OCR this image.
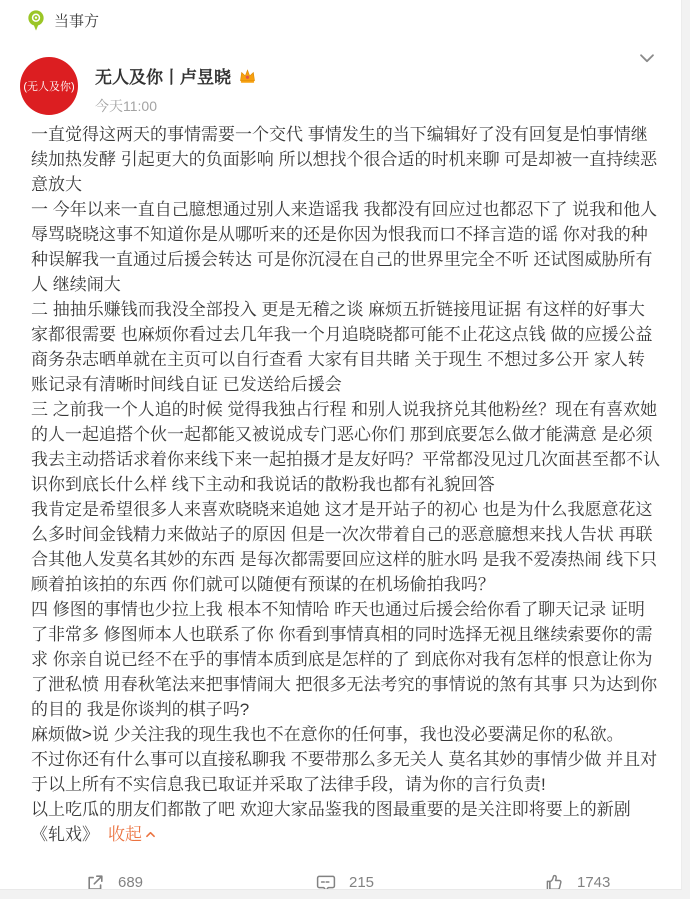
当事方
(无人及你) 无人及你丨卢昱晓
今天11:00

一直觉得这两天的事情需要一个交代 事情发生的当下编辑好了没有回复是怕事情继续加热发酵 引起更大的负面影响 所以想找个很合适的时机来聊 可是却被一直持续恶意放大

一 今年以来一直自己臆想通过别人来造谣我 我都没有回应过也都忍下了 说我和他人辱骂晓晓这事不知道你是从哪听来的还是你因为恨我而口不择言造的谣 你对我的种种误解我一直通过后援会转达 可是你沉浸在自己的世界里完全不听 还试图威胁所有人 继续闹大

二 抽抽乐赚钱而我没全部投入 更是无稽之谈 麻烦五折链接甩证据 有这样的好事大家都很需要 也麻烦你看过去几年我一个月追晓晓都可能不止花这点钱 做的应援公益商务杂志晒单就在主页可以自行查看 大家有目共睹 关于现生 不想过多公开 家人转账记录有清晰时间线自证 已发送给后援会

三 之前我一个人追的时候 觉得我独占行程 和别人说我挤兑其他粉丝？现在有喜欢她的人一起追搭个伙一起都能又被说成专门恶心你们 那到底要怎么做才能满意 是必须我去主动搭话求着你来线下来一起拍摄才是友好吗？平常都没见过几次面甚至都不认识你到底长什么样 线下主动和我说话的散粉我也都有礼貌回答

我肯定是希望很多人来喜欢晓晓来追她 这才是开站子的初心 也是为什么我愿意花这么多时间金钱精力来做站子的原因 但是一次次带着自己的恶意臆想来找人告状 再联合其他人发莫名其妙的东西 是每次都需要回应这样的脏水吗 是我不爱凑热闹 线下只顾着拍该拍的东西 你们就可以随便有预谋的在机场偷拍我吗？

四 修图的事情也少拉上我 根本不知情哈 昨天也通过后援会给你看了聊天记录 证明了非常多 修图师本人也联系了你 你看到事情真相的同时选择无视且继续索要你的需求 你亲自说已经不在乎的事情本质到底是怎样的了 到底你对我有怎样的恨意让你为了泄私愤 用春秋笔法来把事情闹大 把很多无法考究的事情说的煞有其事 只为达到你的目的 我是你谈判的棋子吗?

麻烦做>说 少关注我的现生我也不在意你的任何事，我也没必要满足你的私欲。

不过你还有什么事可以直接私聊我 不要带那么多无关人 莫名其妙的事情少做 并且对于以上所有不实信息我已取证并采取了法律手段，请为你的言行负责!

以上吃瓜的朋友们都散了吧 欢迎大家品鉴我的图最重要的是关注即将要上的新剧《轧戏》 收起

689	215	1743
